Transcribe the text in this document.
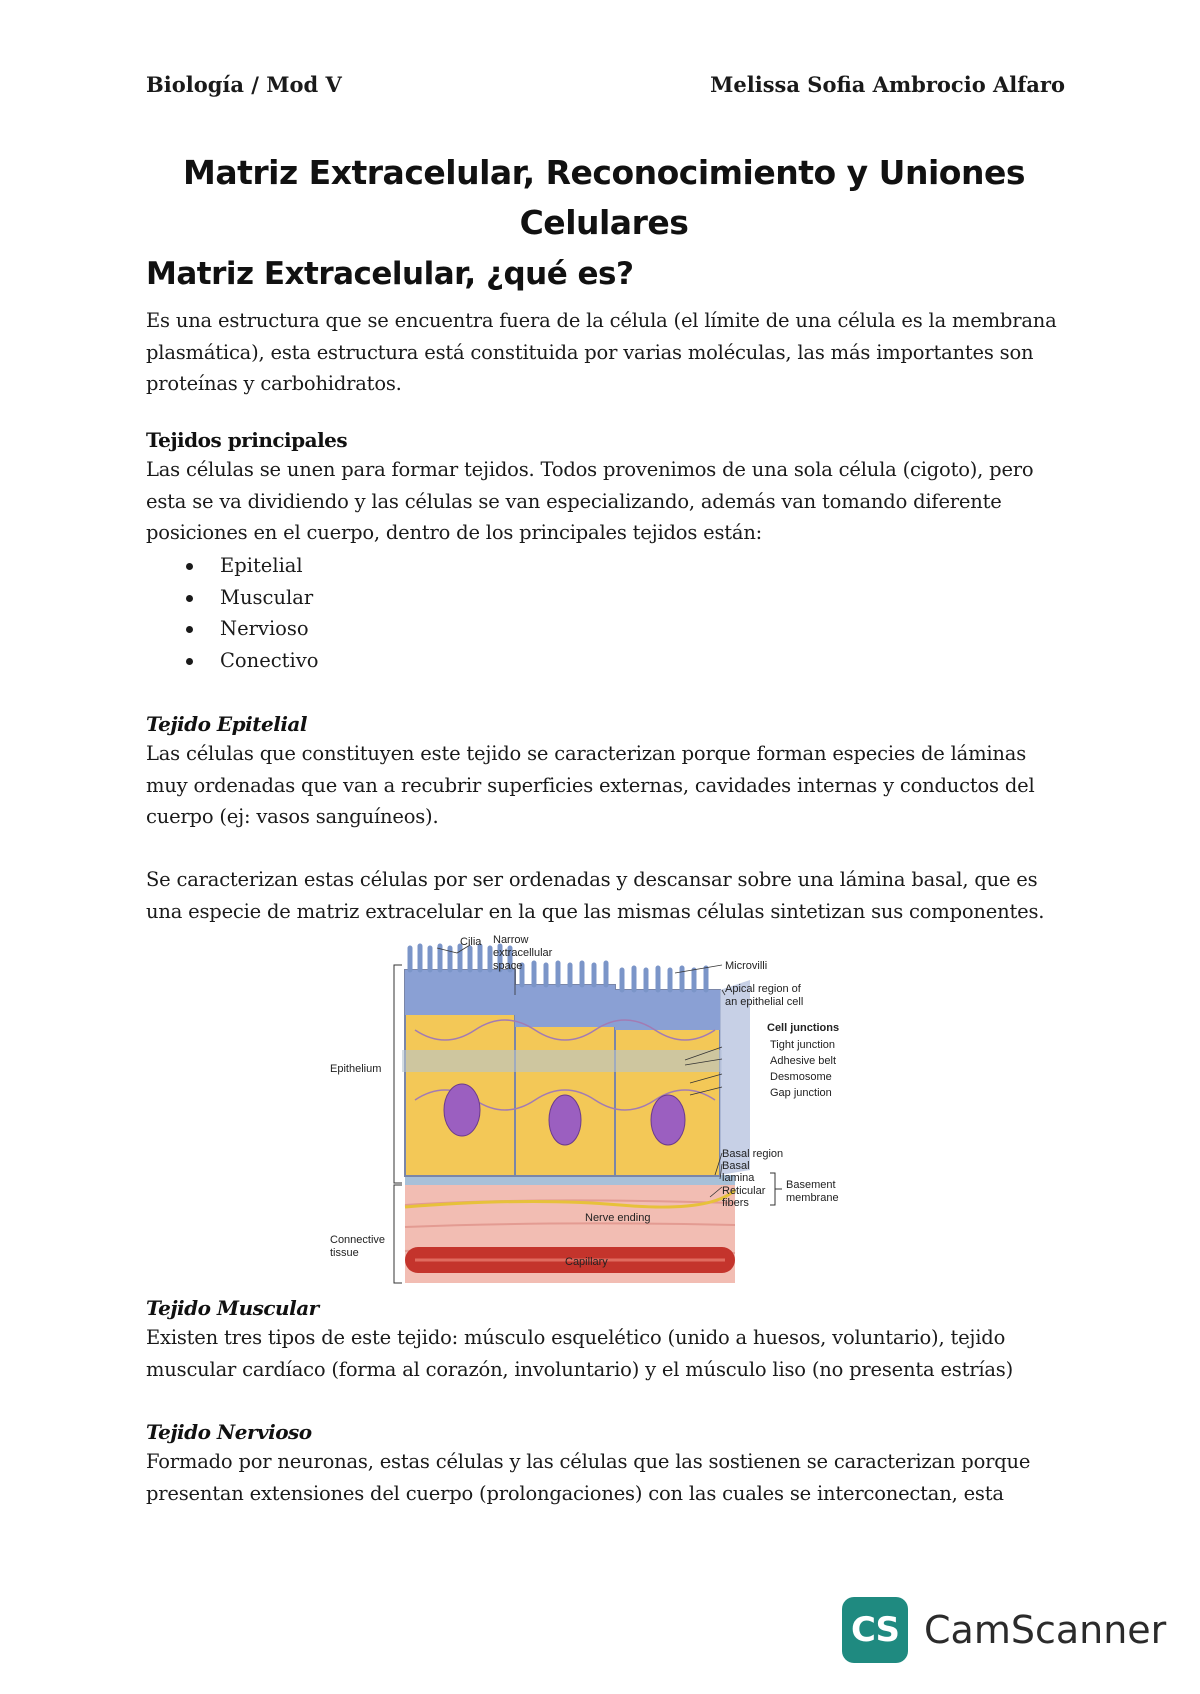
Biología / Mod V	Melissa Sofia Ambrocio Alfaro
Matriz Extracelular, Reconocimiento y Uniones
Celulares
Matriz Extracelular, ¿qué es?

Es una estructura que se encuentra fuera de la célula (el límite de una célula es la membrana plasmática), esta estructura está constituida por varias moléculas, las más importantes son proteínas y carbohidratos.

Tejidos principales

Las células se unen para formar tejidos. Todos provenimos de una sola célula (cigoto), pero esta se va dividiendo y las células se van especializando, además van tomando diferente posiciones en el cuerpo, dentro de los principales tejidos están:

Epitelial
Muscular
Nervioso
Conectivo

Tejido Epitelial

Las células que constituyen este tejido se caracterizan porque forman especies de láminas muy ordenadas que van a recubrir superficies externas, cavidades internas y conductos del cuerpo (ej: vasos sanguíneos).

Se caracterizan estas células por ser ordenadas y descansar sobre una lámina basal, que es una especie de matriz extracelular en la que las mismas células sintetizan sus componentes.

Cilia Narrow
extracellular
space	Microvilli
Apical region of
an epithelial cell
Cell junctions
Tight junction
Adhesive belt
Desmosome
Gap junction
Epithelium
Basal region
Basal
lamina
Reticular
fibers
Basement
membrane
Nerve ending
Connective
tissue
Capillary

Tejido Muscular

Existen tres tipos de este tejido: músculo esquelético (unido a huesos, voluntario), tejido muscular cardíaco (forma al corazón, involuntario) y el músculo liso (no presenta estrías)

Tejido Nervioso

Formado por neuronas, estas células y las células que las sostienen se caracterizan porque presentan extensiones del cuerpo (prolongaciones) con las cuales se interconectan, esta

CS CamScanner
